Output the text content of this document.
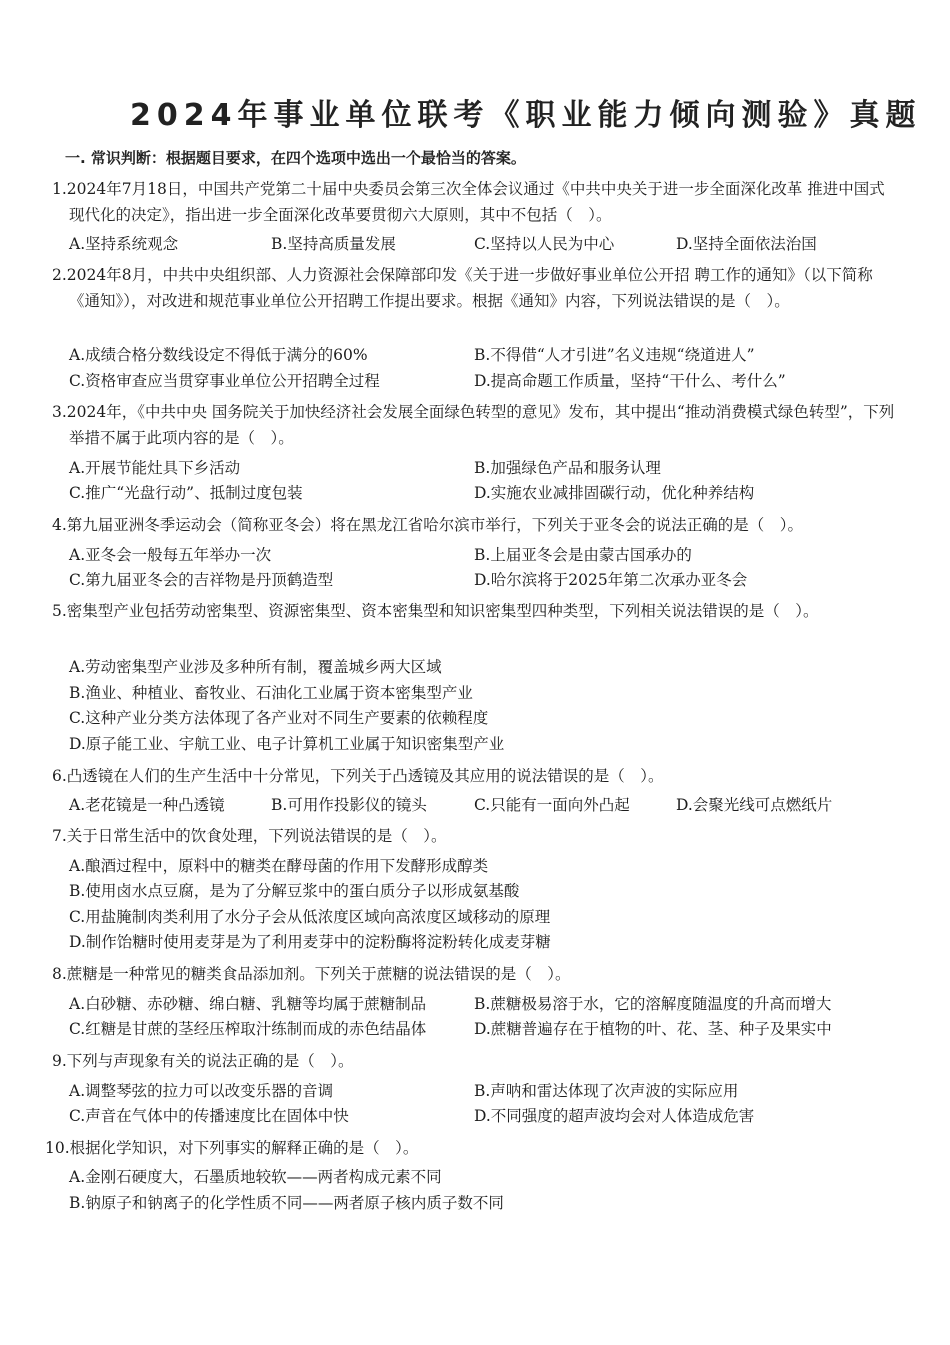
2024年事业单位联考《职业能力倾向测验》真题
一. 常识判断：根据题目要求，在四个选项中选出一个最恰当的答案。
1.2024年7月18日，中国共产党第二十届中央委员会第三次全体会议通过《中共中央关于进一步全面深化改革 推进中国式现代化的决定》，指出进一步全面深化改革要贯彻六大原则，其中不包括（　）。
A.坚持系统观念	B.坚持高质量发展	C.坚持以人民为中心	D.坚持全面依法治国
2.2024年8月，中共中央组织部、人力资源社会保障部印发《关于进一步做好事业单位公开招 聘工作的通知》（以下简称《通知》），对改进和规范事业单位公开招聘工作提出要求。根据《通知》内容，下列说法错误的是（　）。
A.成绩合格分数线设定不得低于满分的60%	B.不得借“人才引进”名义违规“绕道进人”
C.资格审查应当贯穿事业单位公开招聘全过程	D.提高命题工作质量，坚持“干什么、考什么”
3.2024年，《中共中央 国务院关于加快经济社会发展全面绿色转型的意见》发布，其中提出“推动消费模式绿色转型”，下列举措不属于此项内容的是（　）。
A.开展节能灶具下乡活动	B.加强绿色产品和服务认理
C.推广“光盘行动”、抵制过度包装	D.实施农业减排固碳行动，优化种养结构
4.第九届亚洲冬季运动会（简称亚冬会）将在黑龙江省哈尔滨市举行，下列关于亚冬会的说法正确的是（　）。
A.亚冬会一般每五年举办一次	B.上届亚冬会是由蒙古国承办的
C.第九届亚冬会的吉祥物是丹顶鹤造型	D.哈尔滨将于2025年第二次承办亚冬会
5.密集型产业包括劳动密集型、资源密集型、资本密集型和知识密集型四种类型，下列相关说法错误的是（　）。
A.劳动密集型产业涉及多种所有制，覆盖城乡两大区域
B.渔业、种植业、畜牧业、石油化工业属于资本密集型产业
C.这种产业分类方法体现了各产业对不同生产要素的依赖程度
D.原子能工业、宇航工业、电子计算机工业属于知识密集型产业
6.凸透镜在人们的生产生活中十分常见，下列关于凸透镜及其应用的说法错误的是（　）。
A.老花镜是一种凸透镜	B.可用作投影仪的镜头	C.只能有一面向外凸起	D.会聚光线可点燃纸片
7.关于日常生活中的饮食处理，下列说法错误的是（　）。
A.酿酒过程中，原料中的糖类在酵母菌的作用下发酵形成醇类
B.使用卤水点豆腐，是为了分解豆浆中的蛋白质分子以形成氨基酸
C.用盐腌制肉类利用了水分子会从低浓度区域向高浓度区域移动的原理
D.制作饴糖时使用麦芽是为了利用麦芽中的淀粉酶将淀粉转化成麦芽糖
8.蔗糖是一种常见的糖类食品添加剂。下列关于蔗糖的说法错误的是（　）。
A.白砂糖、赤砂糖、绵白糖、乳糖等均属于蔗糖制品	B.蔗糖极易溶于水，它的溶解度随温度的升高而增大
C.红糖是甘蔗的茎经压榨取汁练制而成的赤色结晶体	D.蔗糖普遍存在于植物的叶、花、茎、种子及果实中
9.下列与声现象有关的说法正确的是（　）。
A.调整琴弦的拉力可以改变乐器的音调	B.声呐和雷达体现了次声波的实际应用
C.声音在气体中的传播速度比在固体中快	D.不同强度的超声波均会对人体造成危害
10.根据化学知识，对下列事实的解释正确的是（　）。
A.金刚石硬度大，石墨质地较软——两者构成元素不同
B.钠原子和钠离子的化学性质不同——两者原子核内质子数不同
